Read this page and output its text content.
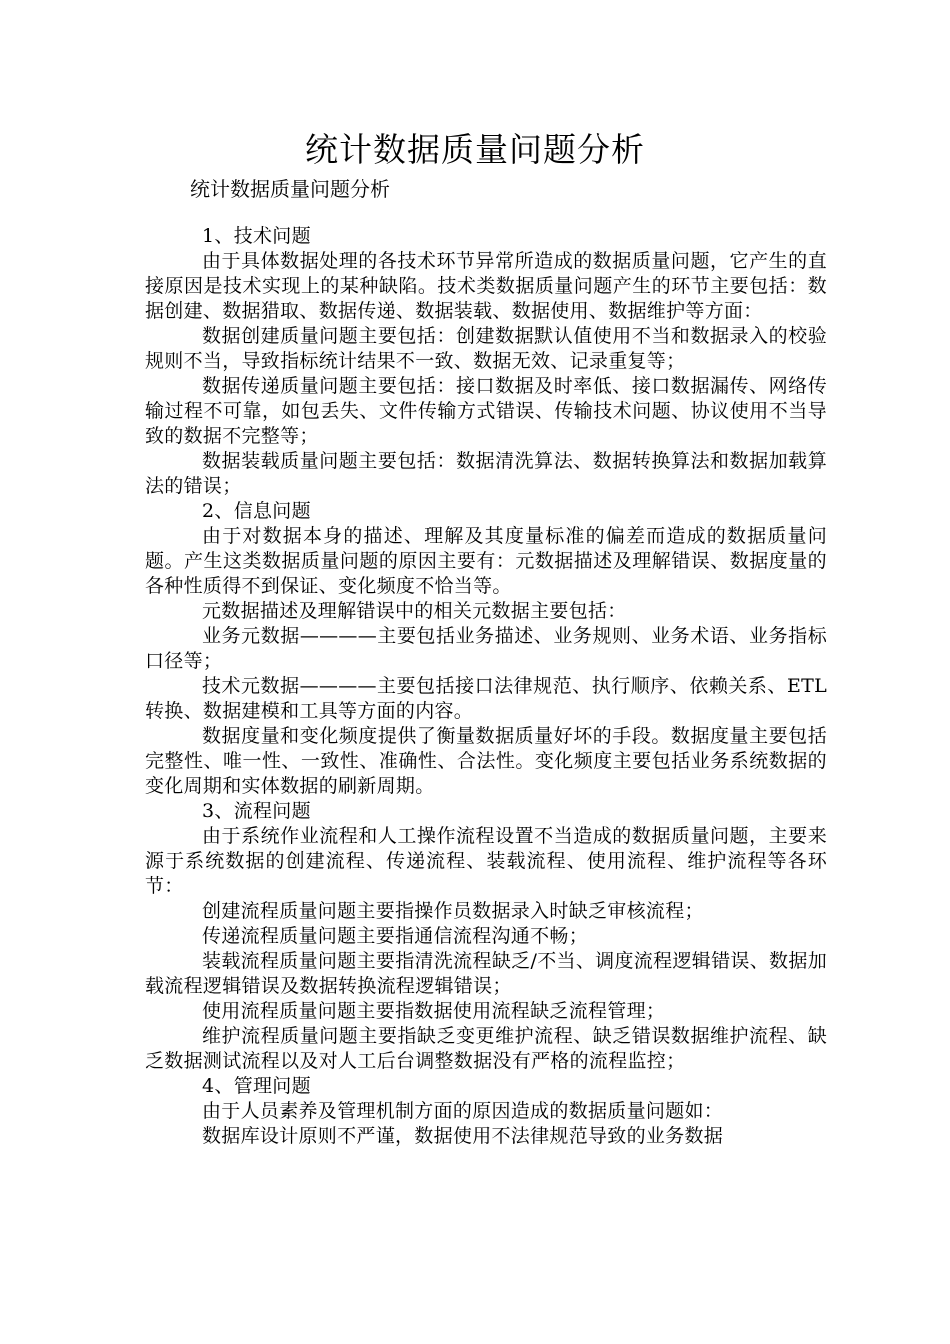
统计数据质量问题分析
统计数据质量问题分析

1、技术问题

由于具体数据处理的各技术环节异常所造成的数据质量问题，它产生的直接原因是技术实现上的某种缺陷。技术类数据质量问题产生的环节主要包括：数据创建、数据猎取、数据传递、数据装载、数据使用、数据维护等方面：

数据创建质量问题主要包括：创建数据默认值使用不当和数据录入的校验规则不当，导致指标统计结果不一致、数据无效、记录重复等；

数据传递质量问题主要包括：接口数据及时率低、接口数据漏传、网络传输过程不可靠，如包丢失、文件传输方式错误、传输技术问题、协议使用不当导致的数据不完整等；

数据装载质量问题主要包括：数据清洗算法、数据转换算法和数据加载算法的错误；

2、信息问题

由于对数据本身的描述、理解及其度量标准的偏差而造成的数据质量问题。产生这类数据质量问题的原因主要有：元数据描述及理解错误、数据度量的各种性质得不到保证、变化频度不恰当等。

元数据描述及理解错误中的相关元数据主要包括：

业务元数据————主要包括业务描述、业务规则、业务术语、业务指标口径等；

技术元数据————主要包括接口法律规范、执行顺序、依赖关系、ETL转换、数据建模和工具等方面的内容。

数据度量和变化频度提供了衡量数据质量好坏的手段。数据度量主要包括完整性、唯一性、一致性、准确性、合法性。变化频度主要包括业务系统数据的变化周期和实体数据的刷新周期。

3、流程问题

由于系统作业流程和人工操作流程设置不当造成的数据质量问题，主要来源于系统数据的创建流程、传递流程、装载流程、使用流程、维护流程等各环节：

创建流程质量问题主要指操作员数据录入时缺乏审核流程；

传递流程质量问题主要指通信流程沟通不畅；

装载流程质量问题主要指清洗流程缺乏/不当、调度流程逻辑错误、数据加载流程逻辑错误及数据转换流程逻辑错误；

使用流程质量问题主要指数据使用流程缺乏流程管理；

维护流程质量问题主要指缺乏变更维护流程、缺乏错误数据维护流程、缺乏数据测试流程以及对人工后台调整数据没有严格的流程监控；

4、管理问题

由于人员素养及管理机制方面的原因造成的数据质量问题如：

数据库设计原则不严谨，数据使用不法律规范导致的业务数据
